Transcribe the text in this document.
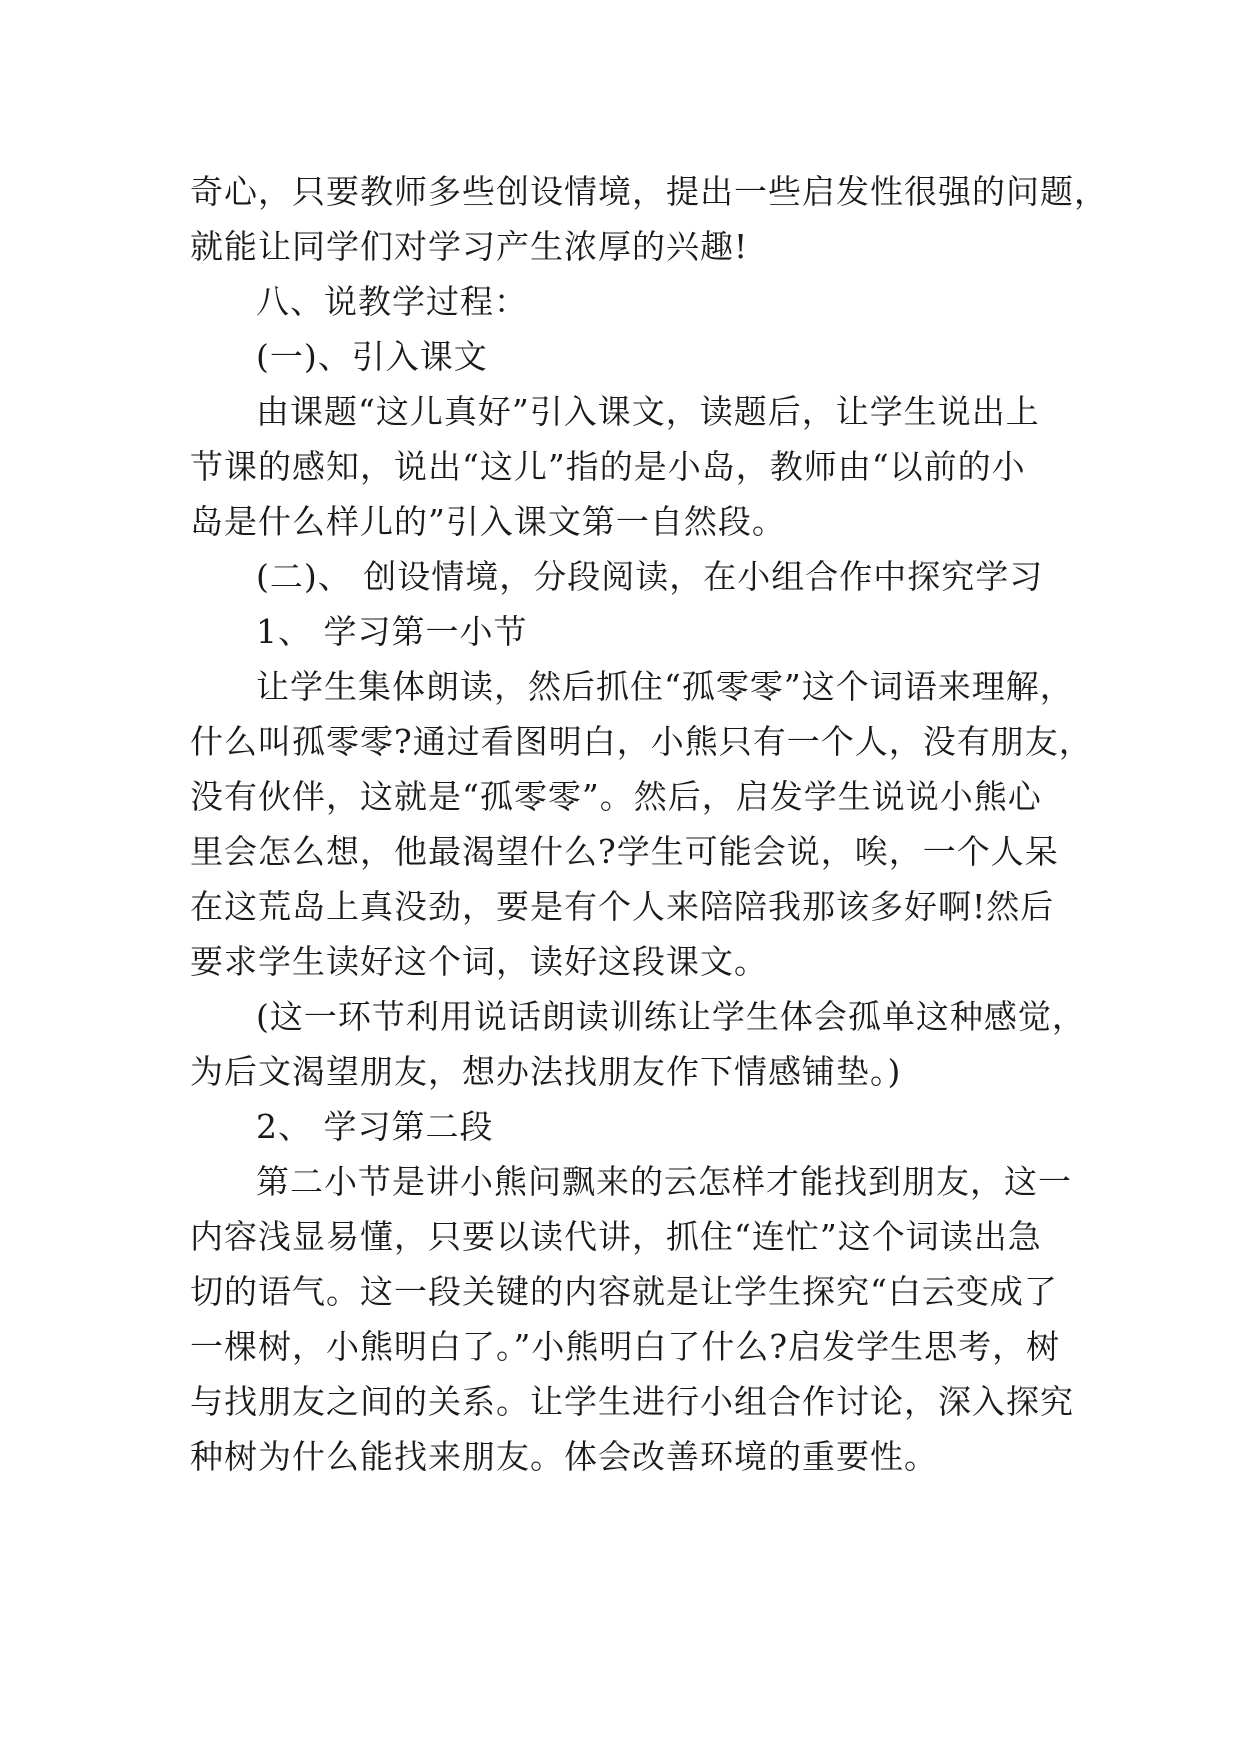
奇心，只要教师多些创设情境，提出一些启发性很强的问题，
就能让同学们对学习产生浓厚的兴趣!
八、说教学过程：
(一)、引入课文
由课题“这儿真好”引入课文，读题后，让学生说出上
节课的感知，说出“这儿”指的是小岛，教师由“以前的小
岛是什么样儿的”引入课文第一自然段。
(二)、 创设情境，分段阅读，在小组合作中探究学习
1、 学习第一小节
让学生集体朗读，然后抓住“孤零零”这个词语来理解，
什么叫孤零零?通过看图明白，小熊只有一个人，没有朋友，
没有伙伴，这就是“孤零零”。然后，启发学生说说小熊心
里会怎么想，他最渴望什么?学生可能会说，唉，一个人呆
在这荒岛上真没劲，要是有个人来陪陪我那该多好啊!然后
要求学生读好这个词，读好这段课文。
(这一环节利用说话朗读训练让学生体会孤单这种感觉，
为后文渴望朋友，想办法找朋友作下情感铺垫。)
2、 学习第二段
第二小节是讲小熊问飘来的云怎样才能找到朋友，这一
内容浅显易懂，只要以读代讲，抓住“连忙”这个词读出急
切的语气。这一段关键的内容就是让学生探究“白云变成了
一棵树，小熊明白了。”小熊明白了什么?启发学生思考，树
与找朋友之间的关系。让学生进行小组合作讨论，深入探究
种树为什么能找来朋友。体会改善环境的重要性。
